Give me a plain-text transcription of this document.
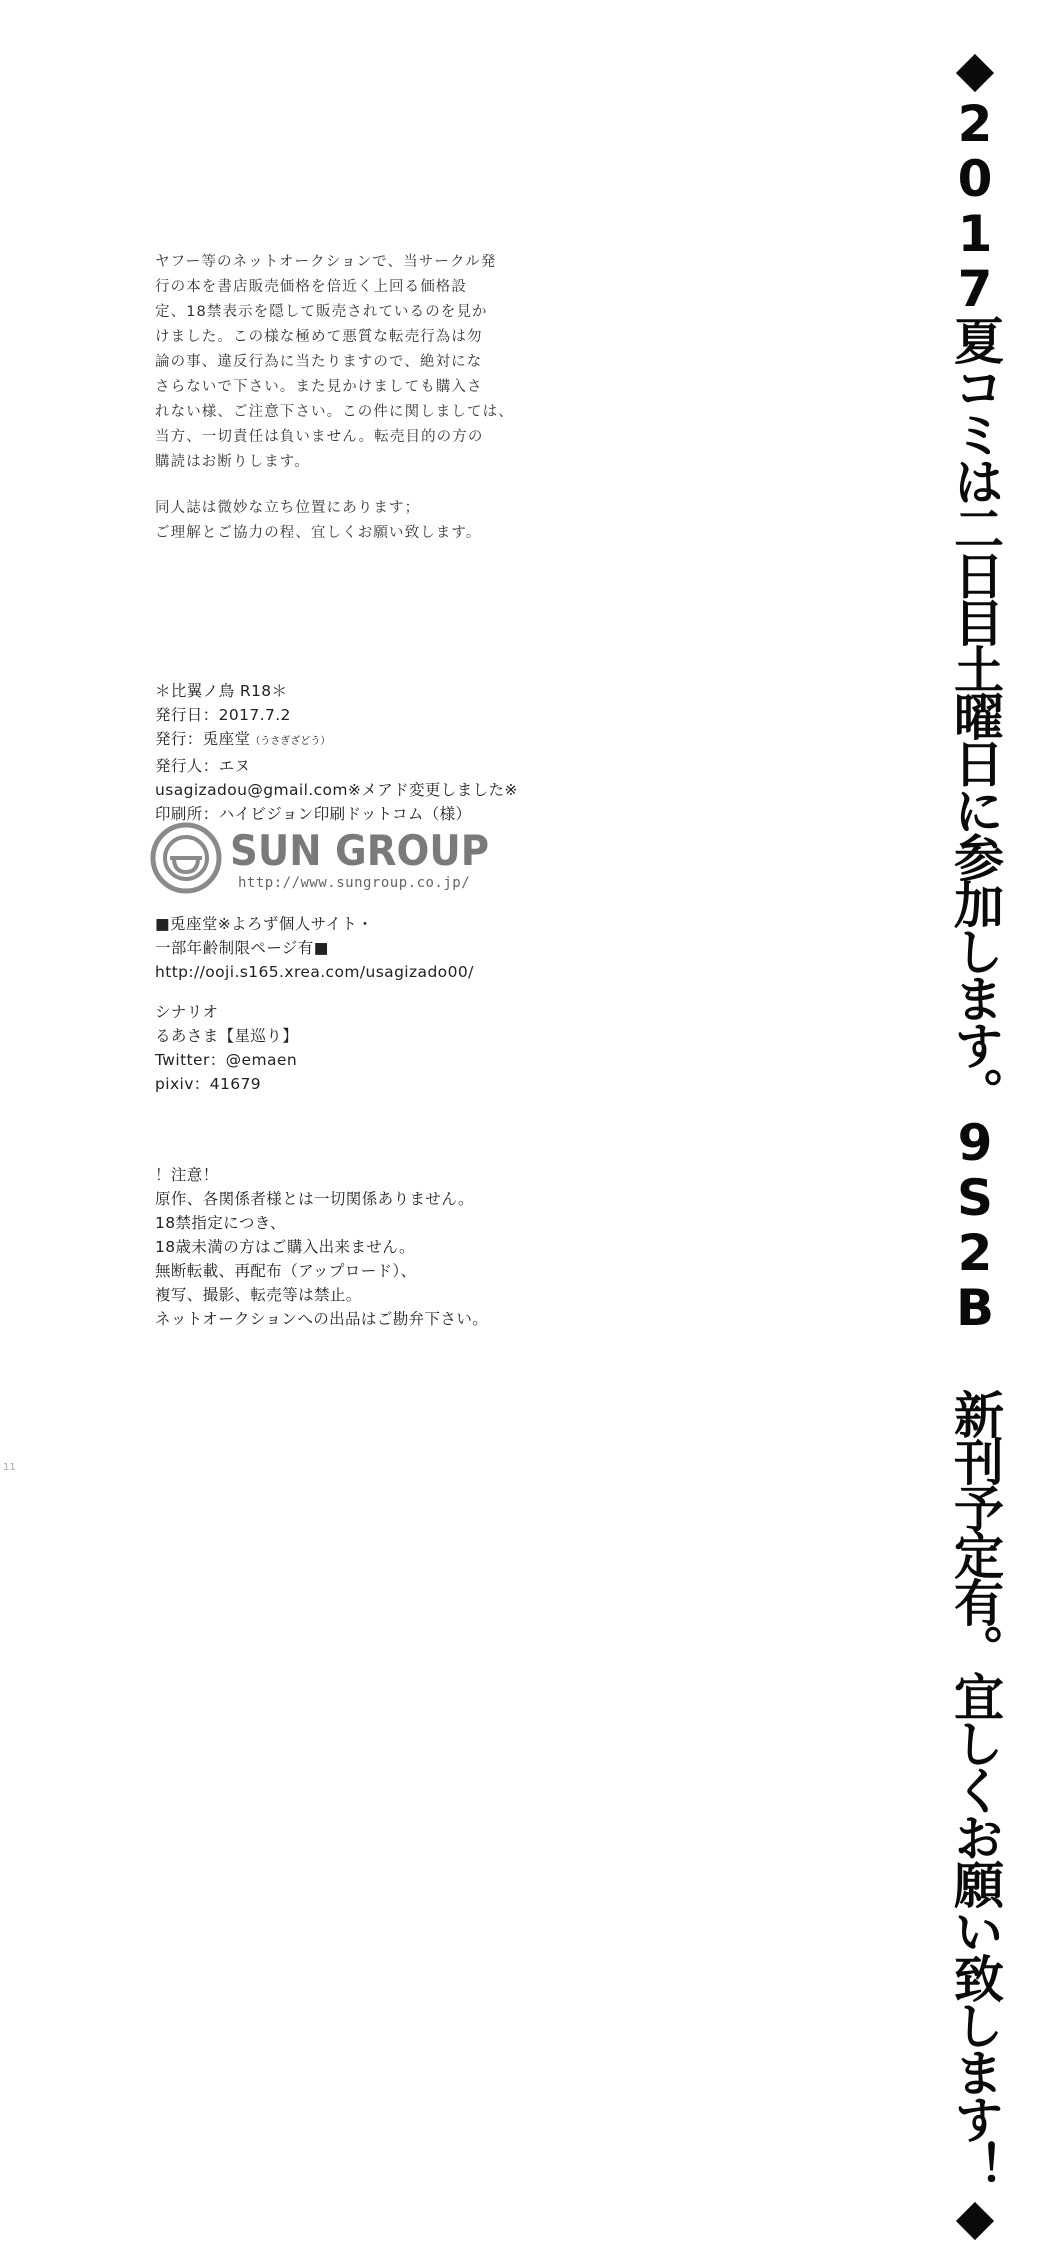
ヤフー等のネットオークションで、当サークル発

行の本を書店販売価格を倍近く上回る価格設

定、18禁表示を隠して販売されているのを見か

けました。この様な極めて悪質な転売行為は勿

論の事、違反行為に当たりますので、絶対にな

さらないで下さい。また見かけましても購入さ

れない様、ご注意下さい。この件に関しましては、

当方、一切責任は負いません。転売目的の方の

購読はお断りします。

同人誌は微妙な立ち位置にあります；

ご理解とご協力の程、宜しくお願い致します。

＊比翼ノ鳥 R18＊

発行日：2017.7.2

発行：兎座堂（うさぎざどう）

発行人：エヌ

usagizadou@gmail.com※メアド変更しました※

印刷所：ハイビジョン印刷ドットコム（様）

SUN GROUP
http://www.sungroup.co.jp/

■兎座堂※よろず個人サイト・

一部年齢制限ページ有■

http://ooji.s165.xrea.com/usagizado00/

シナリオ

るあさま【星巡り】

Twitter：@emaen

pixiv：41679

！注意！

原作、各関係者様とは一切関係ありません。

18禁指定につき、

18歳未満の方はご購入出来ません。

無断転載、再配布（アップロード）、

複写、撮影、転売等は禁止。

ネットオークションへの出品はご勘弁下さい。	◆2017夏コミは二日目土曜日に参加します。9S2B 新刊予定有。宜しくお願い致します！◆
11
